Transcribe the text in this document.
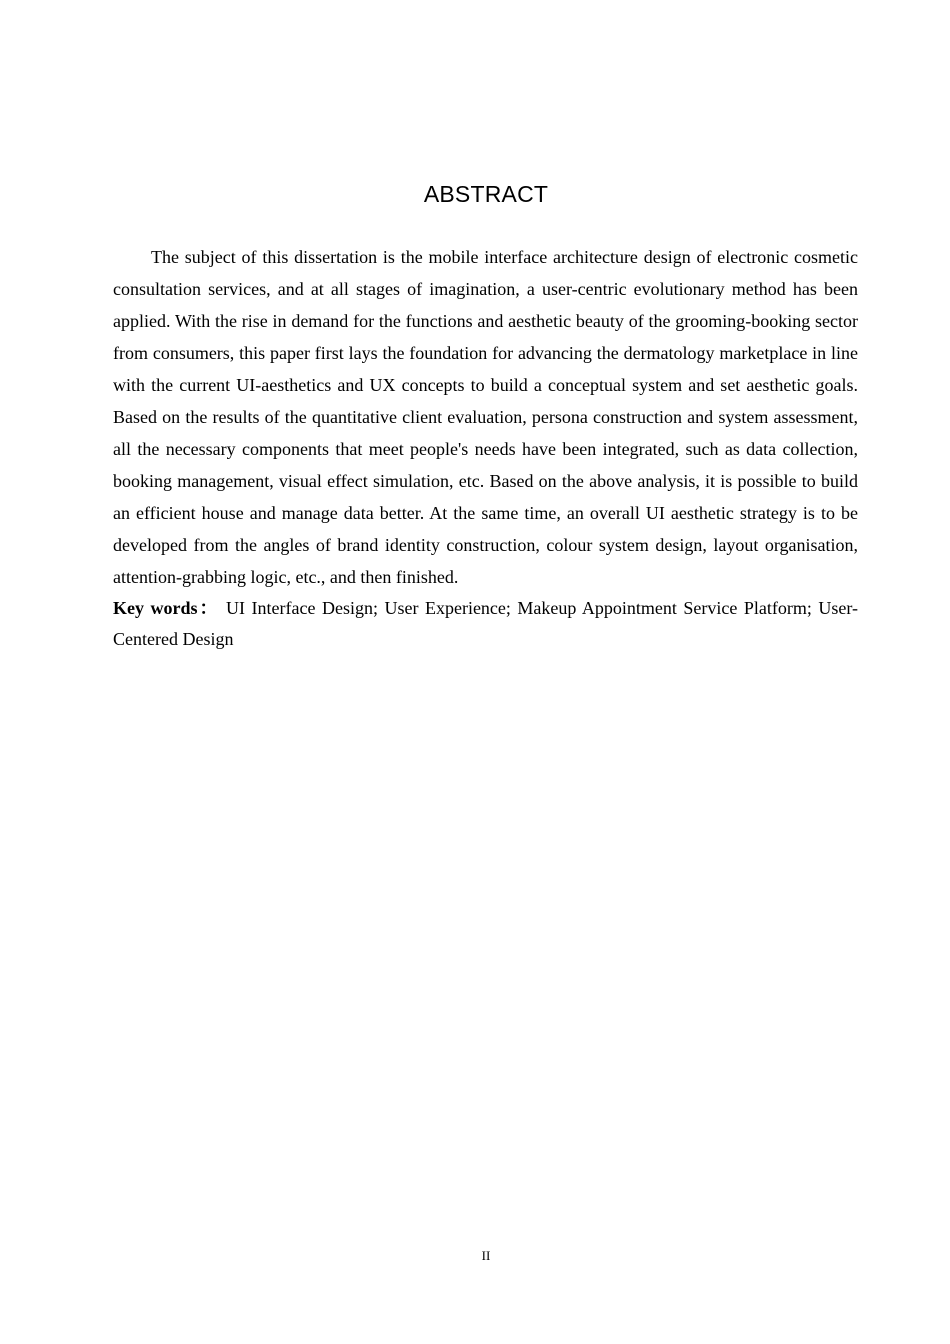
ABSTRACT

The subject of this dissertation is the mobile interface architecture design of electronic cosmetic consultation services, and at all stages of imagination, a user-centric evolutionary method has been applied. With the rise in demand for the functions and aesthetic beauty of the grooming-booking sector from consumers, this paper first lays the foundation for advancing the dermatology marketplace in line with the current UI-aesthetics and UX concepts to build a conceptual system and set aesthetic goals. Based on the results of the quantitative client evaluation, persona construction and system assessment, all the necessary components that meet people's needs have been integrated, such as data collection, booking management, visual effect simulation, etc. Based on the above analysis, it is possible to build an efficient house and manage data better. At the same time, an overall UI aesthetic strategy is to be developed from the angles of brand identity construction, colour system design, layout organisation, attention-grabbing logic, etc., and then finished.

Key words： UI Interface Design; User Experience; Makeup Appointment Service Platform; User-Centered Design

II
